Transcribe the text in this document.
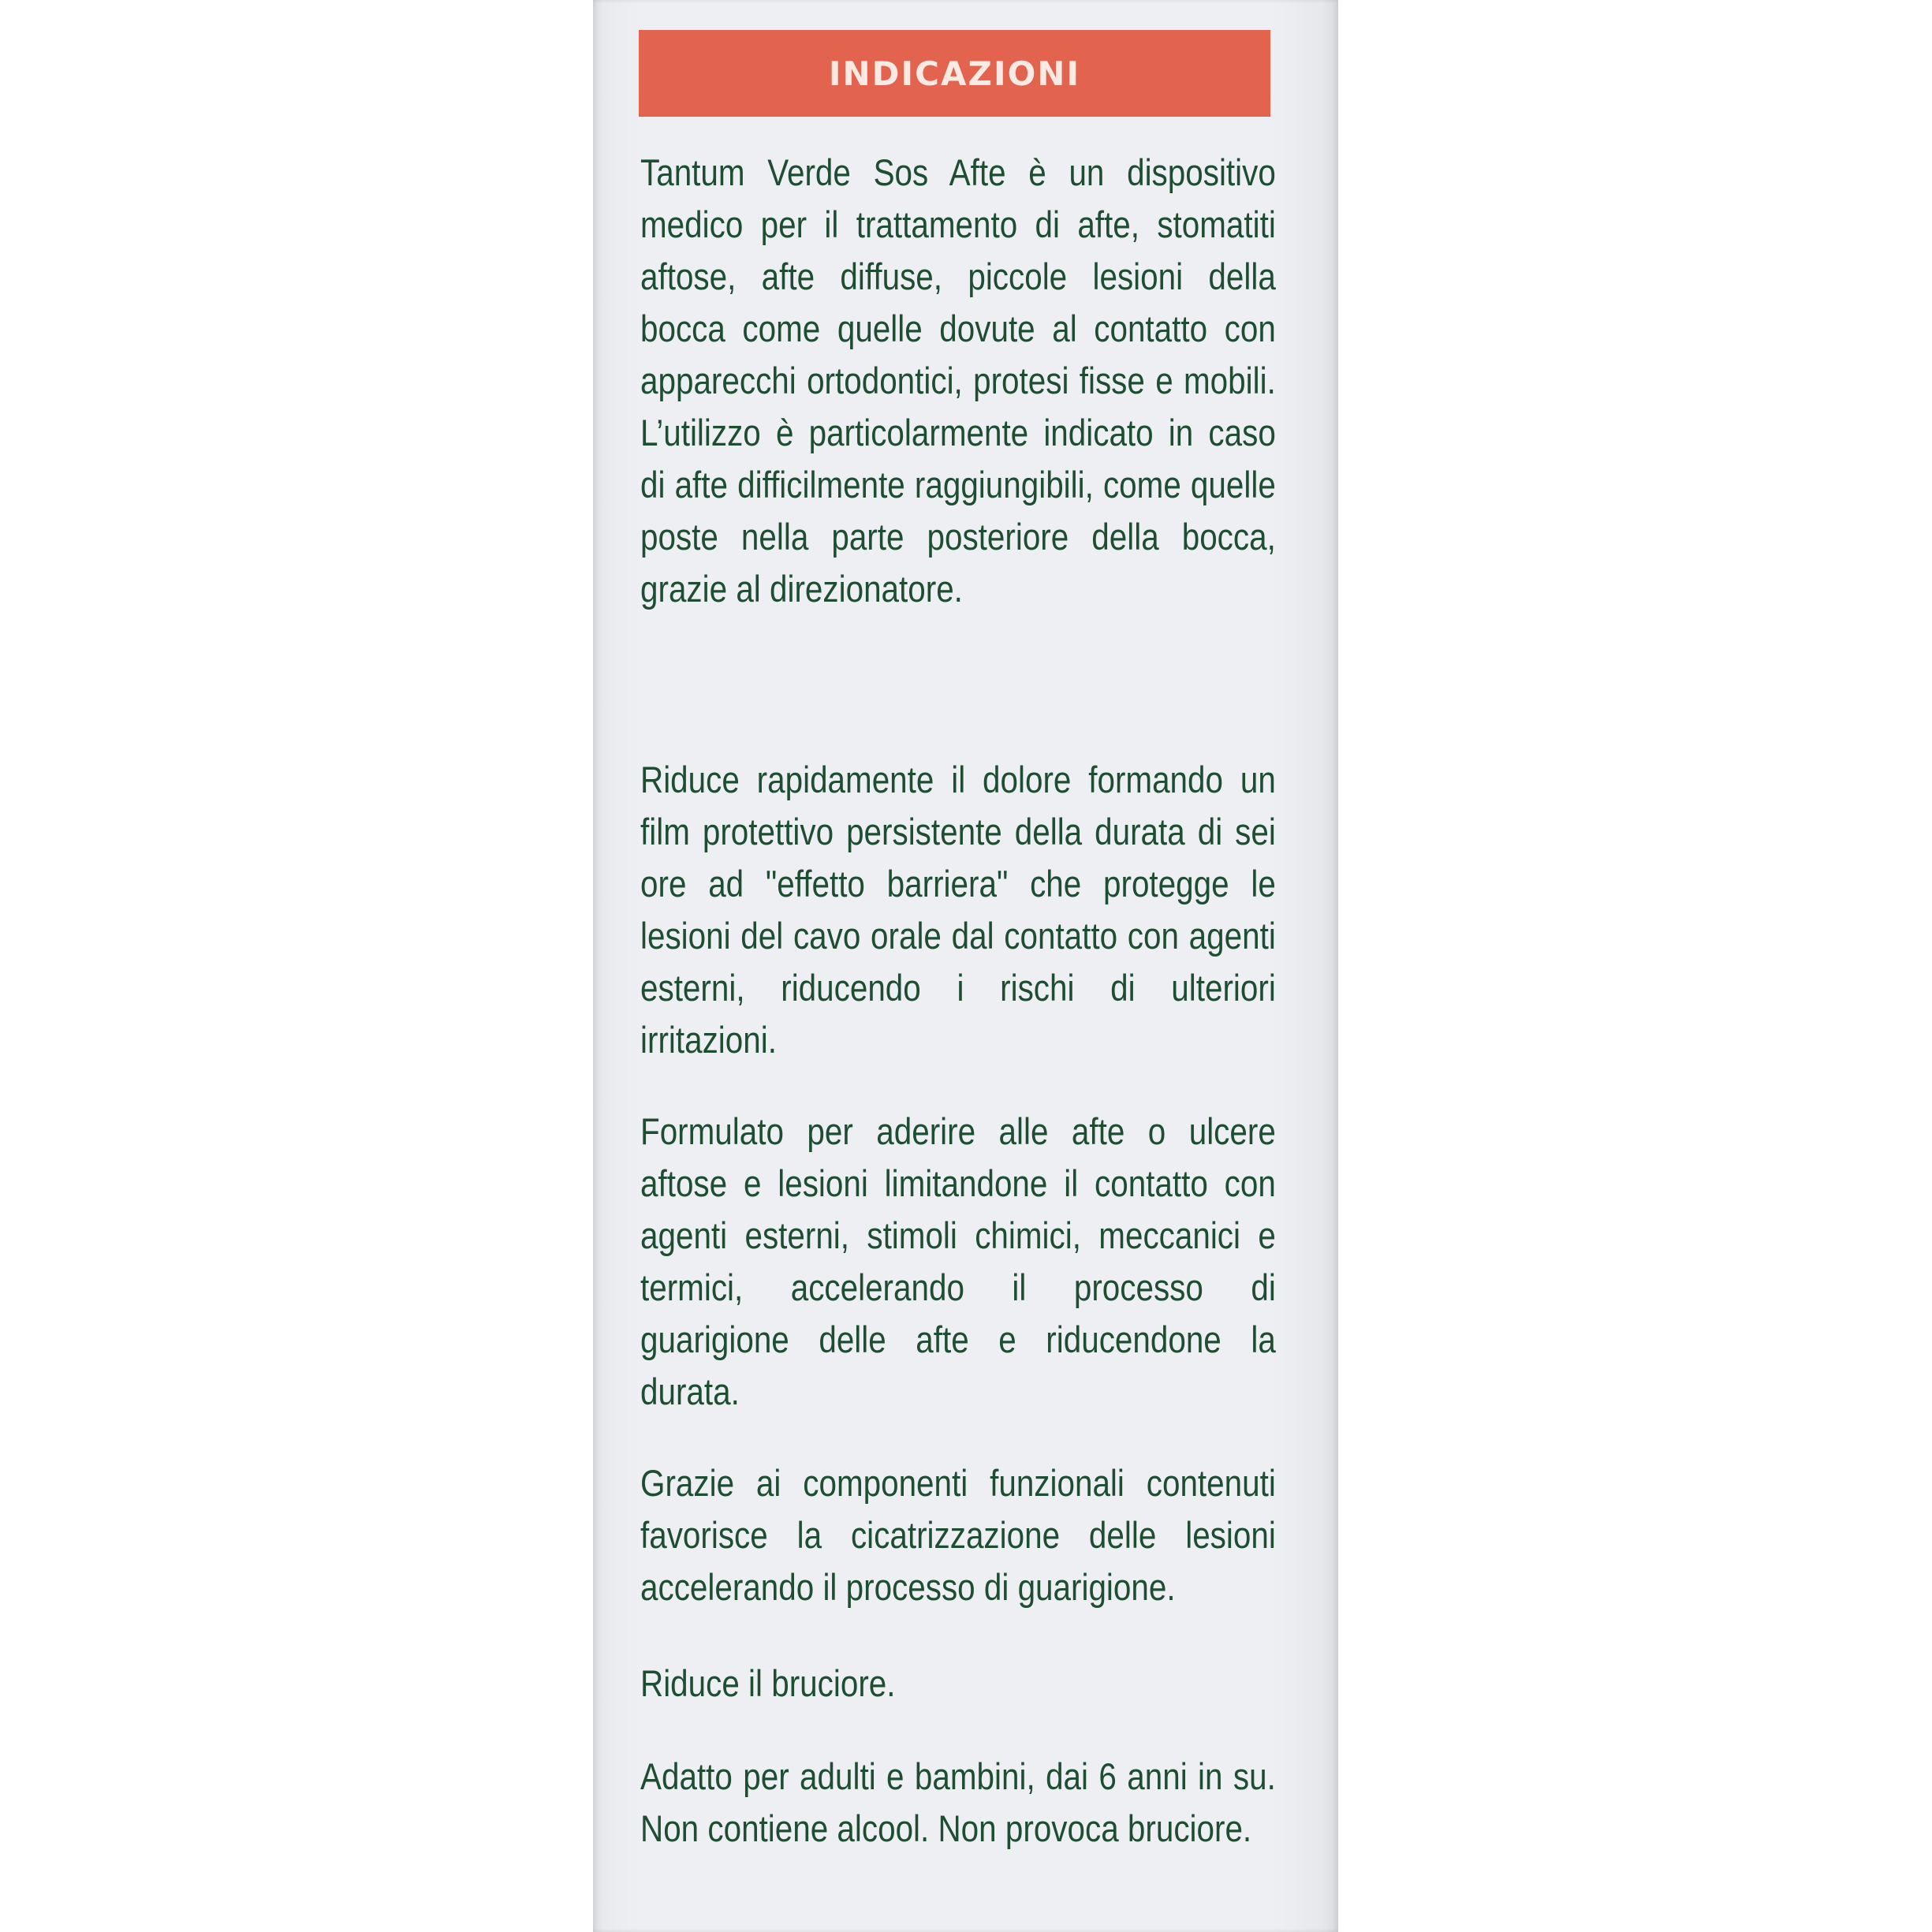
INDICAZIONI

Tantum Verde Sos Afte è un dispositivo medico per il trattamento di afte, stomatiti aftose, afte diffuse, piccole lesioni della bocca come quelle dovute al contatto con apparecchi ortodontici, protesi fisse e mobili. L’utilizzo è particolarmente indicato in caso di afte difficilmente raggiungibili, come quelle poste nella parte posteriore della bocca, grazie al direzionatore.

Riduce rapidamente il dolore formando un film protettivo persistente della durata di sei ore ad "effetto barriera" che protegge le lesioni del cavo orale dal contatto con agenti esterni, riducendo i rischi di ulteriori irritazioni.

Formulato per aderire alle afte o ulcere aftose e lesioni limitandone il contatto con agenti esterni, stimoli chimici, meccanici e termici, accelerando il processo di guarigione delle afte e riducendone la durata.

Grazie ai componenti funzionali contenuti favorisce la cicatrizzazione delle lesioni accelerando il processo di guarigione.

Riduce il bruciore.

Adatto per adulti e bambini, dai 6 anni in su. Non contiene alcool. Non provoca bruciore.
